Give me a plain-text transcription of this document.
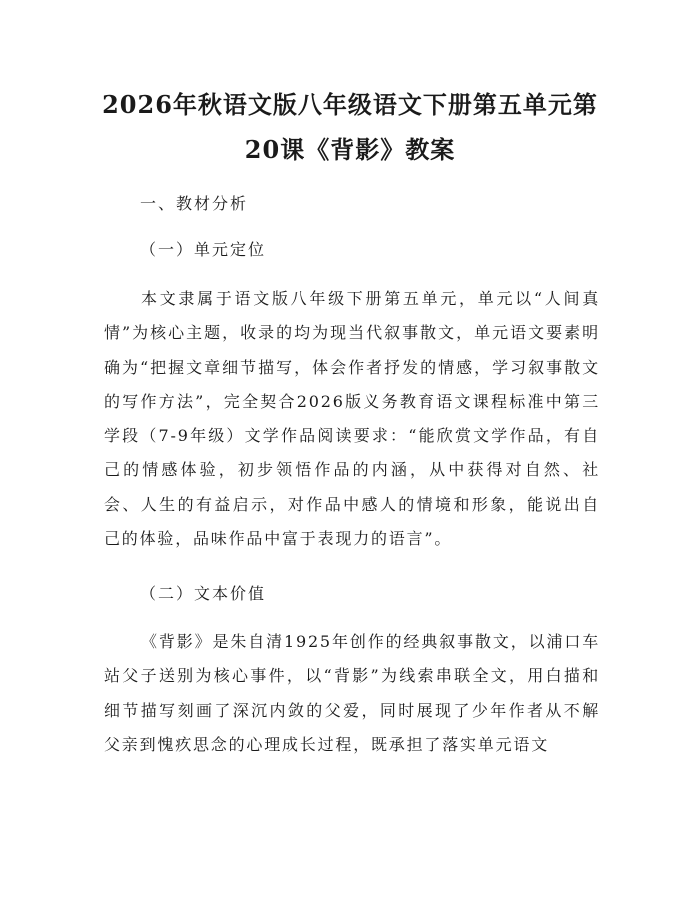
2026年秋语文版八年级语文下册第五单元第
20课《背影》教案
一、教材分析
（一）单元定位

本文隶属于语文版八年级下册第五单元，单元以“人间真情”为核心主题，收录的均为现当代叙事散文，单元语文要素明确为“把握文章细节描写，体会作者抒发的情感，学习叙事散文的写作方法”，完全契合2026版义务教育语文课程标准中第三学段（7-9年级）文学作品阅读要求：“能欣赏文学作品，有自己的情感体验，初步领悟作品的内涵，从中获得对自然、社会、人生的有益启示，对作品中感人的情境和形象，能说出自己的体验，品味作品中富于表现力的语言”。

（二）文本价值

《背影》是朱自清1925年创作的经典叙事散文，以浦口车站父子送别为核心事件，以“背影”为线索串联全文，用白描和细节描写刻画了深沉内敛的父爱，同时展现了少年作者从不解父亲到愧疚思念的心理成长过程，既承担了落实单元语文
